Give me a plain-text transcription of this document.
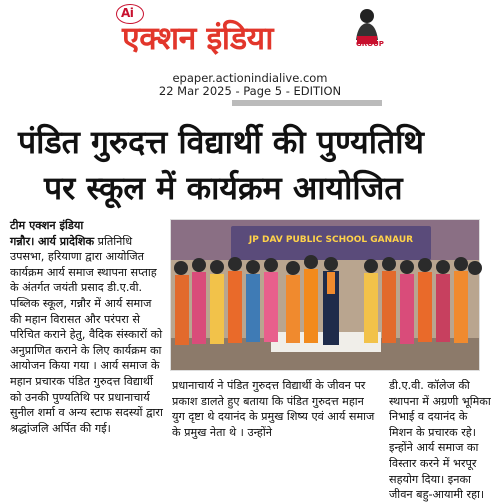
Ai
एक्शन इंडिया	GROUP
epaper.actionindialive.com
22 Mar 2025 - Page 5 - EDITION
पंडित गुरुदत्त विद्यार्थी की पुण्यतिथि
पर स्कूल में कार्यक्रम आयोजित
टीम एक्शन इंडिया
गन्नौर। आर्य प्रादेशिक प्रतिनिधि उपसभा, हरियाणा द्वारा आयोजित कार्यक्रम आर्य समाज स्थापना सप्ताह के अंतर्गत जयंती प्रसाद डी.ए.वी. पब्लिक स्कूल, गन्नौर में आर्य समाज की महान विरासत और परंपरा से परिचित कराने हेतु, वैदिक संस्कारों को अनुप्राणित कराने के लिए कार्यक्रम का आयोजन किया गया । आर्य समाज के महान प्रचारक पंडित गुरुदत्त विद्यार्थी को उनकी पुण्यतिथि पर प्रधानाचार्य सुनील शर्मा व अन्य स्टाफ सदस्यों द्वारा श्रद्धांजलि अर्पित की गई।
JP DAV PUBLIC SCHOOL GANAUR
प्रधानाचार्य ने पंडित गुरुदत्त विद्यार्थी के जीवन पर प्रकाश डालते हुए बताया कि पंडित गुरुदत्त महान युग दृष्टा थे दयानंद के प्रमुख शिष्य एवं आर्य समाज के प्रमुख नेता थे । उन्होंने
डी.ए.वी. कॉलेज की स्थापना में अग्रणी भूमिका निभाई व दयानंद के मिशन के प्रचारक रहे। इन्होंने आर्य समाज का विस्तार करने में भरपूर सहयोग दिया। इनका जीवन बहु-आयामी रहा।
